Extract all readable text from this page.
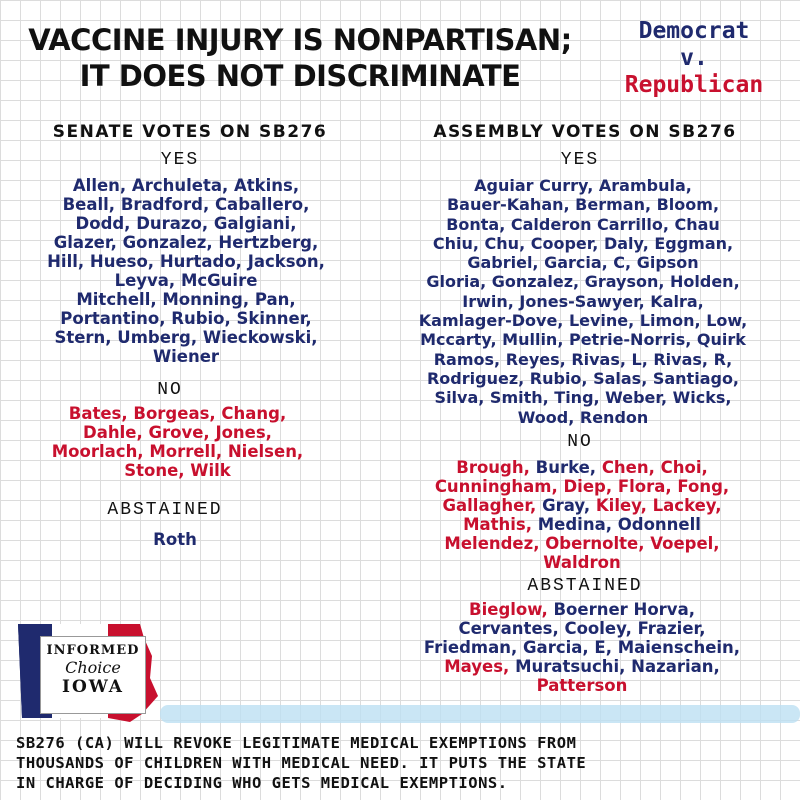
VACCINE INJURY IS NONPARTISAN;
IT DOES NOT DISCRIMINATE
Democrat
v.
Republican
SENATE VOTES ON SB276
YES
Allen, Archuleta, Atkins,
Beall, Bradford, Caballero,
Dodd, Durazo, Galgiani,
Glazer, Gonzalez, Hertzberg,
Hill, Hueso, Hurtado, Jackson,
Leyva, McGuire
Mitchell, Monning, Pan,
Portantino, Rubio, Skinner,
Stern, Umberg, Wieckowski,
Wiener
NO
Bates, Borgeas, Chang,
Dahle, Grove, Jones,
Moorlach, Morrell, Nielsen,
Stone, Wilk
ABSTAINED
Roth
ASSEMBLY VOTES ON SB276
YES
Aguiar Curry, Arambula,
Bauer-Kahan, Berman, Bloom,
Bonta, Calderon Carrillo, Chau
Chiu, Chu, Cooper, Daly, Eggman,
Gabriel, Garcia, C, Gipson
Gloria, Gonzalez, Grayson, Holden,
Irwin, Jones-Sawyer, Kalra,
Kamlager-Dove, Levine, Limon, Low,
Mccarty, Mullin, Petrie-Norris, Quirk
Ramos, Reyes, Rivas, L, Rivas, R,
Rodriguez, Rubio, Salas, Santiago,
Silva, Smith, Ting, Weber, Wicks,
Wood, Rendon
NO
Brough, Burke, Chen, Choi,
Cunningham, Diep, Flora, Fong,
Gallagher, Gray, Kiley, Lackey,
Mathis, Medina, Odonnell
Melendez, Obernolte, Voepel,
Waldron
ABSTAINED
Bieglow, Boerner Horva,
Cervantes, Cooley, Frazier,
Friedman, Garcia, E, Maienschein,
Mayes, Muratsuchi, Nazarian,
Patterson
INFORMED
Choice
IOWA
SB276 (CA) WILL REVOKE LEGITIMATE MEDICAL EXEMPTIONS FROM
THOUSANDS OF CHILDREN WITH MEDICAL NEED. IT PUTS THE STATE
IN CHARGE OF DECIDING WHO GETS MEDICAL EXEMPTIONS.
